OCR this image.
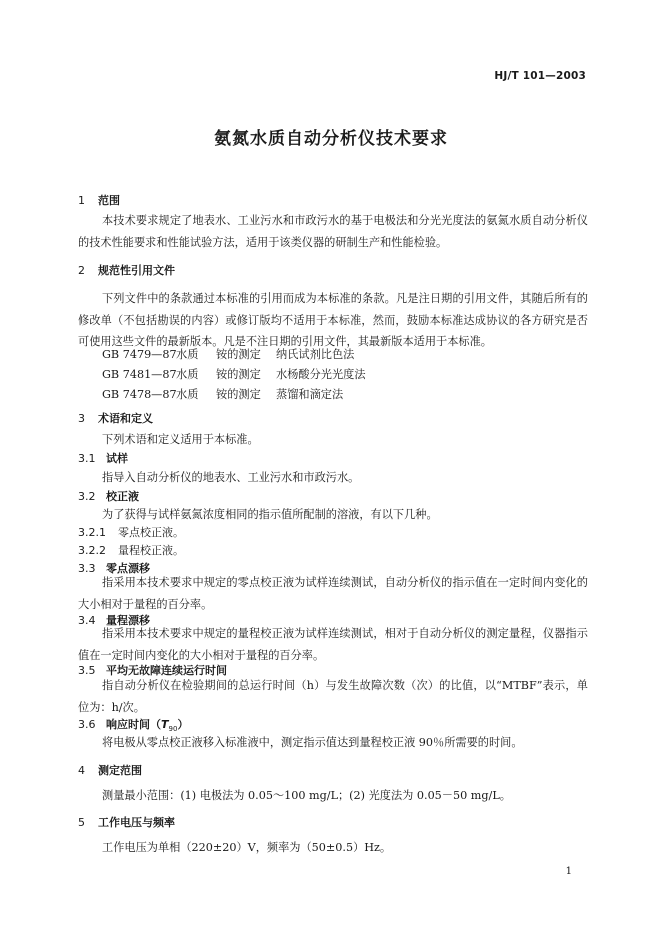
HJ/T 101—2003
氨氮水质自动分析仪技术要求
1 范围
本技术要求规定了地表水、工业污水和市政污水的基于电极法和分光光度法的氨氮水质自动分析仪的技术性能要求和性能试验方法，适用于该类仪器的研制生产和性能检验。
2 规范性引用文件
下列文件中的条款通过本标准的引用而成为本标准的条款。凡是注日期的引用文件，其随后所有的修改单（不包括勘误的内容）或修订版均不适用于本标准，然而，鼓励本标准达成协议的各方研究是否可使用这些文件的最新版本。凡是不注日期的引用文件，其最新版本适用于本标准。
GB 7479—87水质 铵的测定 纳氏试剂比色法
GB 7481—87水质 铵的测定 水杨酸分光光度法
GB 7478—87水质 铵的测定 蒸馏和滴定法
3 术语和定义
下列术语和定义适用于本标准。
3.1 试样
指导入自动分析仪的地表水、工业污水和市政污水。
3.2 校正液
为了获得与试样氨氮浓度相同的指示值所配制的溶液，有以下几种。
3.2.1 零点校正液。
3.2.2 量程校正液。
3.3 零点漂移
指采用本技术要求中规定的零点校正液为试样连续测试，自动分析仪的指示值在一定时间内变化的大小相对于量程的百分率。
3.4 量程漂移
指采用本技术要求中规定的量程校正液为试样连续测试，相对于自动分析仪的测定量程，仪器指示值在一定时间内变化的大小相对于量程的百分率。
3.5 平均无故障连续运行时间
指自动分析仪在检验期间的总运行时间（h）与发生故障次数（次）的比值，以“MTBF”表示，单位为：h/次。
3.6 响应时间$(T_{90})$
将电极从零点校正液移入标准液中，测定指示值达到量程校正液 90％所需要的时间。
4 测定范围
测量最小范围：(1) 电极法为 0.05～100 mg/L；(2) 光度法为 0.05－50 mg/L。
5 工作电压与频率
工作电压为单相（220±20）V，频率为（50±0.5）Hz。
1
